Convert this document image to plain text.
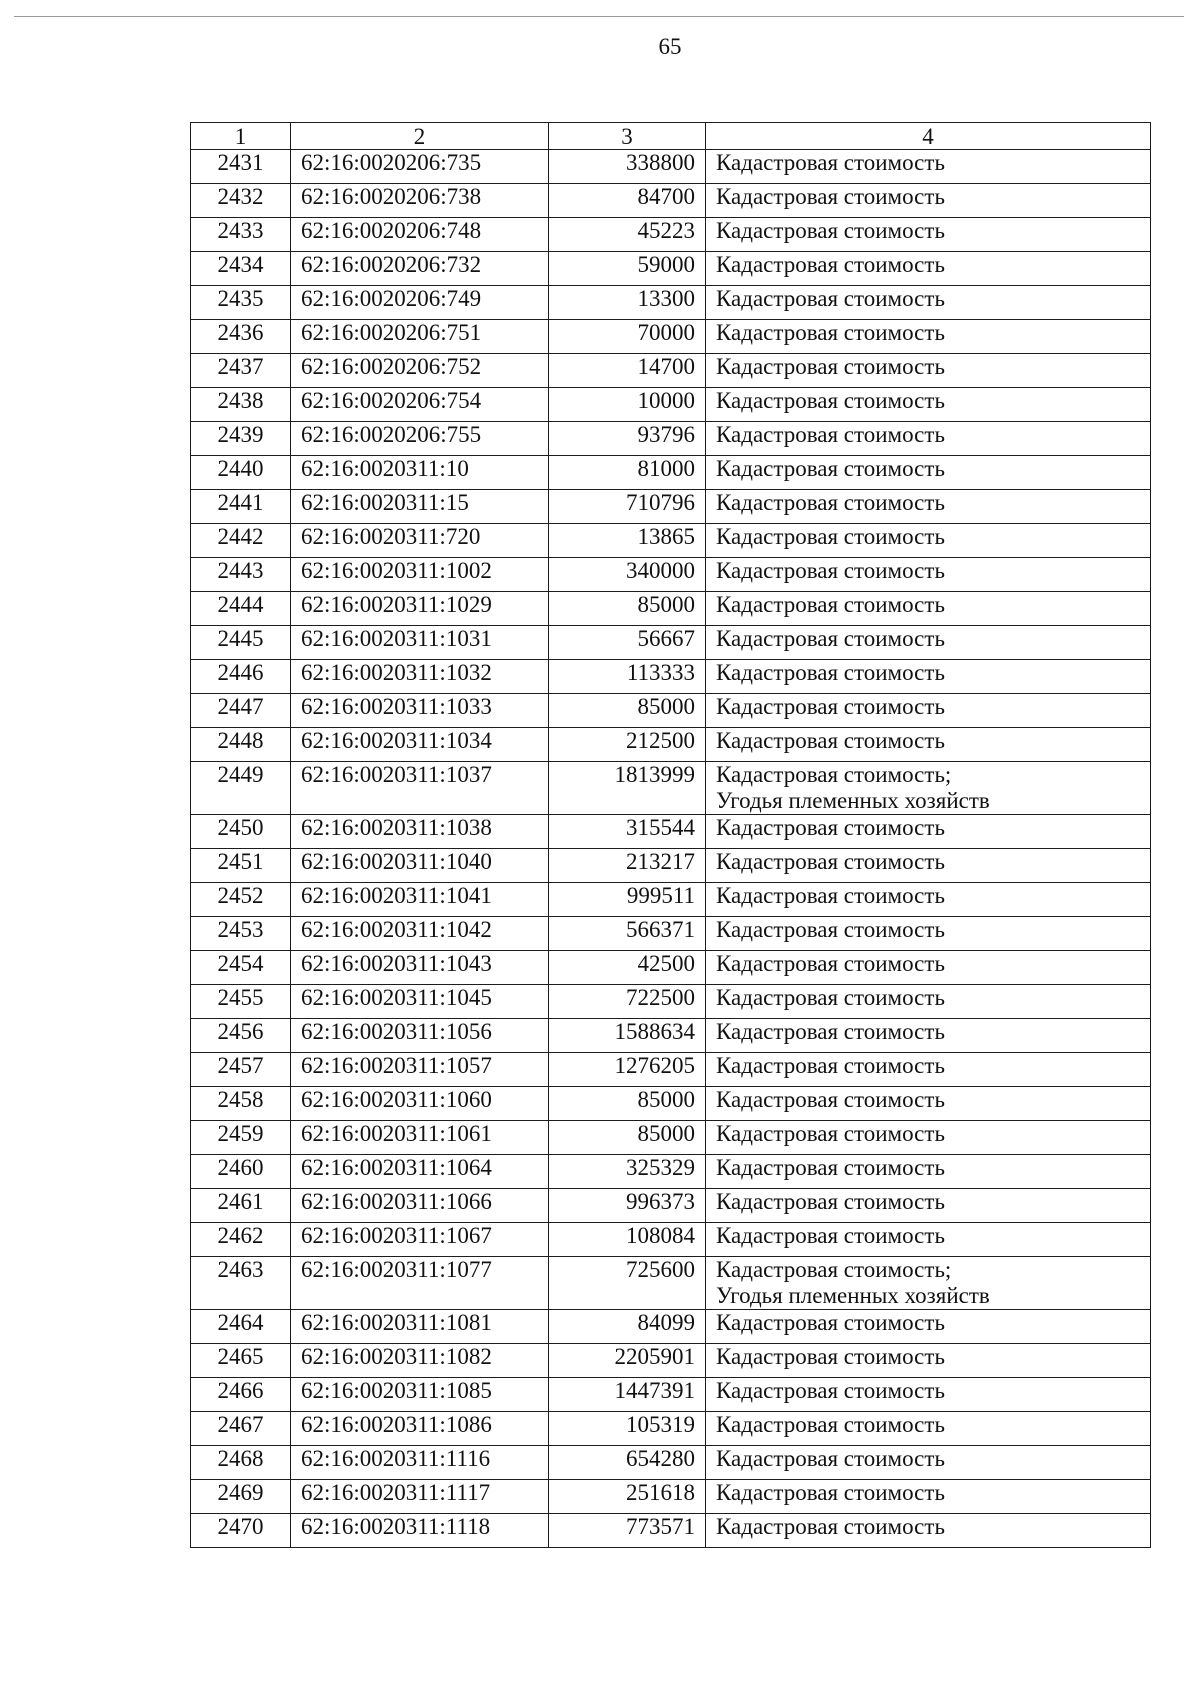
65
1	2	3	4
2431	62:16:0020206:735	338800	Кадастровая стоимость

2432	62:16:0020206:738	84700	Кадастровая стоимость

2433	62:16:0020206:748	45223	Кадастровая стоимость

2434	62:16:0020206:732	59000	Кадастровая стоимость

2435	62:16:0020206:749	13300	Кадастровая стоимость

2436	62:16:0020206:751	70000	Кадастровая стоимость

2437	62:16:0020206:752	14700	Кадастровая стоимость

2438	62:16:0020206:754	10000	Кадастровая стоимость

2439	62:16:0020206:755	93796	Кадастровая стоимость

2440	62:16:0020311:10	81000	Кадастровая стоимость

2441	62:16:0020311:15	710796	Кадастровая стоимость

2442	62:16:0020311:720	13865	Кадастровая стоимость

2443	62:16:0020311:1002	340000	Кадастровая стоимость

2444	62:16:0020311:1029	85000	Кадастровая стоимость

2445	62:16:0020311:1031	56667	Кадастровая стоимость

2446	62:16:0020311:1032	113333	Кадастровая стоимость

2447	62:16:0020311:1033	85000	Кадастровая стоимость

2448	62:16:0020311:1034	212500	Кадастровая стоимость

2449	62:16:0020311:1037	1813999	Кадастровая стоимость;
Угодья племенных хозяйств

2450	62:16:0020311:1038	315544	Кадастровая стоимость

2451	62:16:0020311:1040	213217	Кадастровая стоимость

2452	62:16:0020311:1041	999511	Кадастровая стоимость

2453	62:16:0020311:1042	566371	Кадастровая стоимость

2454	62:16:0020311:1043	42500	Кадастровая стоимость

2455	62:16:0020311:1045	722500	Кадастровая стоимость

2456	62:16:0020311:1056	1588634	Кадастровая стоимость

2457	62:16:0020311:1057	1276205	Кадастровая стоимость

2458	62:16:0020311:1060	85000	Кадастровая стоимость

2459	62:16:0020311:1061	85000	Кадастровая стоимость

2460	62:16:0020311:1064	325329	Кадастровая стоимость

2461	62:16:0020311:1066	996373	Кадастровая стоимость

2462	62:16:0020311:1067	108084	Кадастровая стоимость

2463	62:16:0020311:1077	725600	Кадастровая стоимость;
Угодья племенных хозяйств

2464	62:16:0020311:1081	84099	Кадастровая стоимость

2465	62:16:0020311:1082	2205901	Кадастровая стоимость

2466	62:16:0020311:1085	1447391	Кадастровая стоимость

2467	62:16:0020311:1086	105319	Кадастровая стоимость

2468	62:16:0020311:1116	654280	Кадастровая стоимость

2469	62:16:0020311:1117	251618	Кадастровая стоимость

2470	62:16:0020311:1118	773571	Кадастровая стоимость
